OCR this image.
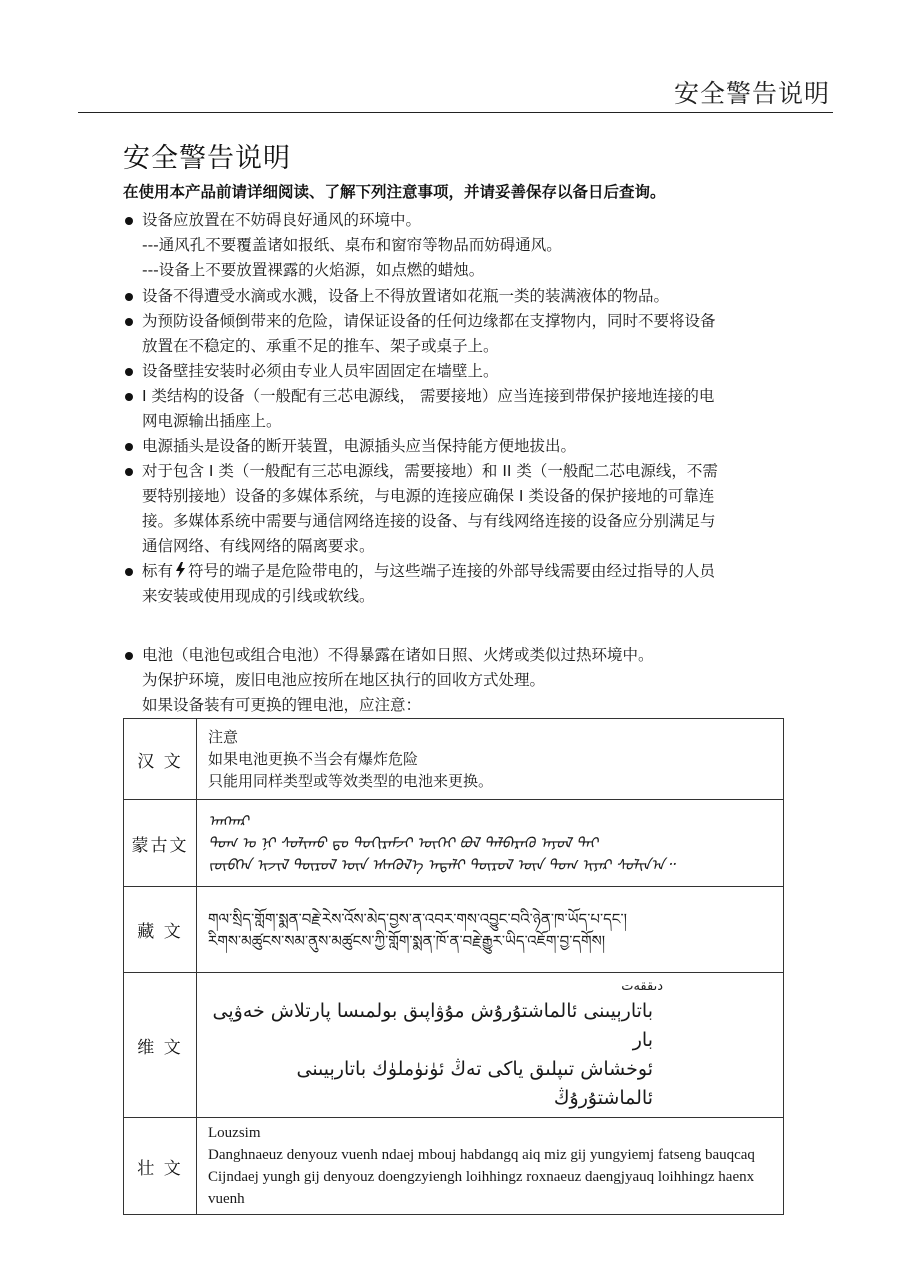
安全警告说明
安全警告说明
在使用本产品前请详细阅读、了解下列注意事项，并请妥善保存以备日后查询。
设备应放置在不妨碍良好通风的环境中。
---通风孔不要覆盖诸如报纸、桌布和窗帘等物品而妨碍通风。
---设备上不要放置裸露的火焰源，如点燃的蜡烛。
设备不得遭受水滴或水溅，设备上不得放置诸如花瓶一类的装满液体的物品。
为预防设备倾倒带来的危险，请保证设备的任何边缘都在支撑物内，同时不要将设备
放置在不稳定的、承重不足的推车、架子或桌子上。
设备壁挂安装时必须由专业人员牢固固定在墙壁上。
I 类结构的设备（一般配有三芯电源线， 需要接地）应当连接到带保护接地连接的电
网电源输出插座上。
电源插头是设备的断开装置，电源插头应当保持能方便地拔出。
对于包含 I 类（一般配有三芯电源线，需要接地）和 II 类（一般配二芯电源线，不需
要特别接地）设备的多媒体系统，与电源的连接应确保 I 类设备的保护接地的可靠连
接。多媒体系统中需要与通信网络连接的设备、与有线网络连接的设备应分别满足与
通信网络、有线网络的隔离要求。
标有 符号的端子是危险带电的，与这些端子连接的外部导线需要由经过指导的人员
来安装或使用现成的引线或软线。
电池（电池包或组合电池）不得暴露在诸如日照、火烤或类似过热环境中。
为保护环境，废旧电池应按所在地区执行的回收方式处理。
如果设备装有可更换的锂电池，应注意：
汉 文	注意
如果电池更换不当会有爆炸危险
只能用同样类型或等效类型的电池来更换。

蒙古文	ᠠᠩᠬᠠᠷ
ᠲᠣᠭ ᠤ ᠨᠢ ᠰᠣᠯᠢᠬᠤ ᠳᠤ ᠲᠣᠬᠢᠷᠠᠮᠵᠢ ᠦᠭᠡᠢ ᠪᠣᠯ ᠳᠡᠯᠪᠡᠷᠡᠬᠦ ᠠᠶᠤᠯ ᠲᠠᠢ
ᠵᠥᠪᠬᠡᠨ ᠢᠵᠢᠯ ᠲᠥᠷᠥᠯ ᠦᠨ ᠡᠰᠡᠬᠦᠯ᠎ᠡ ᠠᠳᠠᠯᠢ ᠲᠥᠷᠥᠯ ᠦᠨ ᠲᠣᠭ ᠢᠶᠠᠷ ᠰᠣᠯᠢᠨ᠎ᠠ᠃

藏 文	གལ་སྲིད་གློག་སྨན་བརྗེ་རེས་འོས་མེད་བྱས་ན་འབར་གས་འབྱུང་བའི་ཉེན་ཁ་ཡོད་པ་དང་།
རིགས་མཚུངས་སམ་ནུས་མཚུངས་ཀྱི་གློག་སྨན་ཁོ་ན་བརྗེ་རྒྱུར་ཡིད་འཇོག་བྱ་དགོས།

维 文	دىققەت
باتارېيىنى ئالماشتۇرۇش مۇۋاپىق بولمىسا پارتلاش خەۋپى بار
ئوخشاش تىپلىق ياكى تەڭ ئۈنۈملۈك باتارېيىنى ئالماشتۇرۇڭ

壮 文	Louzsim
Danghnaeuz denyouz vuenh ndaej mbouj habdangq aiq miz gij yungyiemj fatseng bauqcaq
Cijndaej yungh gij denyouz doengzyiengh loihhingz roxnaeuz daengjyauq loihhingz haenx vuenh
